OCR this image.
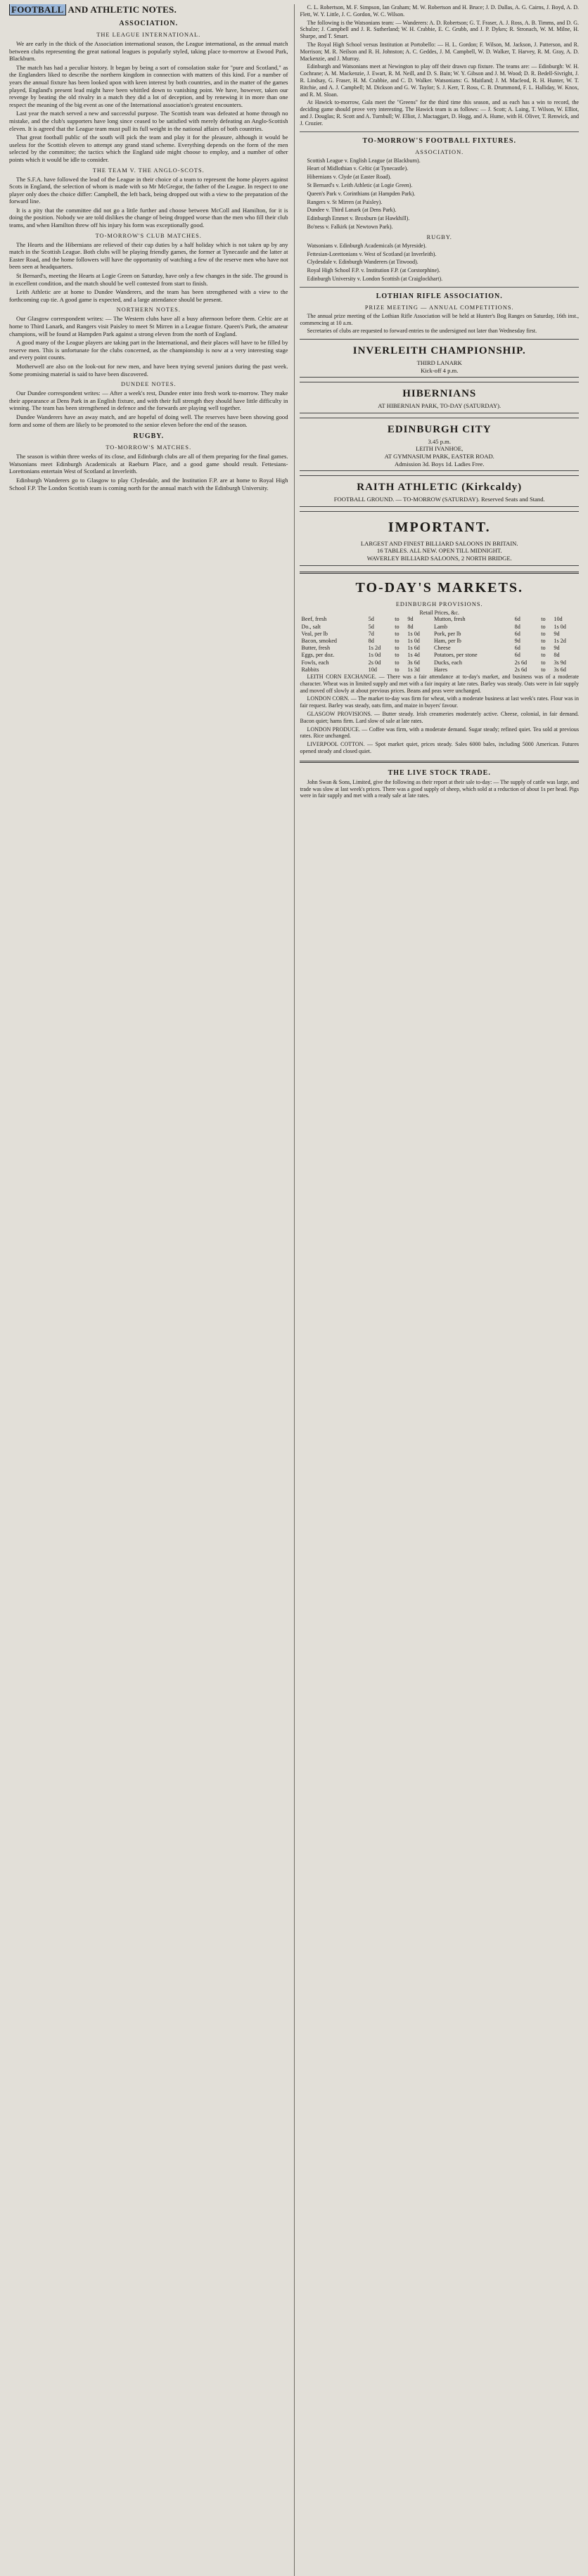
FOOTBALL AND ATHLETIC NOTES.
ASSOCIATION.
THE LEAGUE INTERNATIONAL.

We are early in the thick of the Association international season, the League international, as the annual match between clubs representing the great national leagues is popularly styled, taking place to-morrow at Ewood Park, Blackburn.

The match has had a peculiar history. It began by being a sort of consolation stake for "pure and Scotland," as the Englanders liked to describe the northern kingdom in connection with matters of this kind. For a number of years the annual fixture has been looked upon with keen interest by both countries, and in the matter of the games played, England's present lead might have been whittled down to vanishing point. We have, however, taken our revenge by beating the old rivalry in a match they did a lot of deception, and by renewing it in more than one respect the meaning of the big event as one of the International association's greatest encounters.

Last year the match served a new and successful purpose. The Scottish team was defeated at home through no mistake, and the club's supporters have long since ceased to be satisfied with merely defeating an Anglo-Scottish eleven. It is agreed that the League team must pull its full weight in the national affairs of both countries.

That great football public of the south will pick the team and play it for the pleasure, although it would be useless for the Scottish eleven to attempt any grand stand scheme. Everything depends on the form of the men selected by the committee; the tactics which the England side might choose to employ, and a number of other points which it would be idle to consider.

THE TEAM V. THE ANGLO-SCOTS.

The S.F.A. have followed the lead of the League in their choice of a team to represent the home players against Scots in England, the selection of whom is made with so Mr McGregor, the father of the League. In respect to one player only does the choice differ: Campbell, the left back, being dropped out with a view to the preparation of the forward line.

It is a pity that the committee did not go a little further and choose between McColl and Hamilton, for it is doing the position. Nobody we are told dislikes the change of being dropped worse than the men who fill their club teams, and when Hamilton threw off his injury his form was exceptionally good.

TO-MORROW'S CLUB MATCHES.

The Hearts and the Hibernians are relieved of their cup duties by a half holiday which is not taken up by any match in the Scottish League. Both clubs will be playing friendly games, the former at Tynecastle and the latter at Easter Road, and the home followers will have the opportunity of watching a few of the reserve men who have not been seen at headquarters.

St Bernard's, meeting the Hearts at Logie Green on Saturday, have only a few changes in the side. The ground is in excellent condition, and the match should be well contested from start to finish.

Leith Athletic are at home to Dundee Wanderers, and the team has been strengthened with a view to the forthcoming cup tie. A good game is expected, and a large attendance should be present.

NORTHERN NOTES.

Our Glasgow correspondent writes: — The Western clubs have all a busy afternoon before them. Celtic are at home to Third Lanark, and Rangers visit Paisley to meet St Mirren in a League fixture. Queen's Park, the amateur champions, will be found at Hampden Park against a strong eleven from the north of England.

A good many of the League players are taking part in the International, and their places will have to be filled by reserve men. This is unfortunate for the clubs concerned, as the championship is now at a very interesting stage and every point counts.

Motherwell are also on the look-out for new men, and have been trying several juniors during the past week. Some promising material is said to have been discovered.

DUNDEE NOTES.

Our Dundee correspondent writes: — After a week's rest, Dundee enter into fresh work to-morrow. They make their appearance at Dens Park in an English fixture, and with their full strength they should have little difficulty in winning. The team has been strengthened in defence and the forwards are playing well together.

Dundee Wanderers have an away match, and are hopeful of doing well. The reserves have been showing good form and some of them are likely to be promoted to the senior eleven before the end of the season.

RUGBY.
TO-MORROW'S MATCHES.

The season is within three weeks of its close, and Edinburgh clubs are all of them preparing for the final games. Watsonians meet Edinburgh Academicals at Raeburn Place, and a good game should result. Fettesians-Lorettonians entertain West of Scotland at Inverleith.

Edinburgh Wanderers go to Glasgow to play Clydesdale, and the Institution F.P. are at home to Royal High School F.P. The London Scottish team is coming north for the annual match with the Edinburgh University.

C. L. Robertson, M. F. Simpson, Ian Graham; M. W. Robertson and H. Bruce; J. D. Dallas, A. G. Cairns, J. Boyd, A. D. Flett, W. Y. Little, J. C. Gordon, W. C. Wilson.

The following is the Watsonians team: — Wanderers: A. D. Robertson; G. T. Fraser, A. J. Ross, A. B. Timms, and D. G. Schulze; J. Campbell and J. R. Sutherland; W. H. Crabbie, E. C. Grubb, and J. P. Dykes; R. Stronach, W. M. Milne, H. Sharpe, and T. Smart.

The Royal High School versus Institution at Portobello: — H. L. Gordon; F. Wilson, M. Jackson, J. Patterson, and R. Morrison; M. R. Neilson and R. H. Johnston; A. C. Geddes, J. M. Campbell, W. D. Walker, T. Harvey, R. M. Gray, A. D. Mackenzie, and J. Murray.

Edinburgh and Watsonians meet at Newington to play off their drawn cup fixture. The teams are: — Edinburgh: W. H. Cochrane; A. M. Mackenzie, J. Ewart, R. M. Neill, and D. S. Bain; W. Y. Gibson and J. M. Wood; D. R. Bedell-Sivright, J. R. Lindsay, G. Fraser, H. M. Crabbie, and C. D. Walker. Watsonians: G. Maitland; J. M. Macleod, R. H. Hunter, W. T. Ritchie, and A. J. Campbell; M. Dickson and G. W. Taylor; S. J. Kerr, T. Ross, C. B. Drummond, F. L. Halliday, W. Knox, and R. M. Sloan.

At Hawick to-morrow, Gala meet the "Greens" for the third time this season, and as each has a win to record, the deciding game should prove very interesting. The Hawick team is as follows: — J. Scott; A. Laing, T. Wilson, W. Elliot, and J. Douglas; R. Scott and A. Turnbull; W. Elliot, J. Mactaggart, D. Hogg, and A. Hume, with H. Oliver, T. Renwick, and J. Crozier.

TO-MORROW'S FOOTBALL FIXTURES.
ASSOCIATION.

Scottish League v. English League (at Blackburn).

Heart of Midlothian v. Celtic (at Tynecastle).

Hibernians v. Clyde (at Easter Road).

St Bernard's v. Leith Athletic (at Logie Green).

Queen's Park v. Corinthians (at Hampden Park).

Rangers v. St Mirren (at Paisley).

Dundee v. Third Lanark (at Dens Park).

Edinburgh Emmet v. Broxburn (at Hawkhill).

Bo'ness v. Falkirk (at Newtown Park).

RUGBY.

Watsonians v. Edinburgh Academicals (at Myreside).

Fettesian-Lorettonians v. West of Scotland (at Inverleith).

Clydesdale v. Edinburgh Wanderers (at Titwood).

Royal High School F.P. v. Institution F.P. (at Corstorphine).

Edinburgh University v. London Scottish (at Craiglockhart).

LOTHIAN RIFLE ASSOCIATION.
PRIZE MEETING — ANNUAL COMPETITIONS.

The annual prize meeting of the Lothian Rifle Association will be held at Hunter's Bog Ranges on Saturday, 16th inst., commencing at 10 a.m.

Secretaries of clubs are requested to forward entries to the undersigned not later than Wednesday first.

INVERLEITH CHAMPIONSHIP.
THIRD LANARK
Kick-off 4 p.m.
HIBERNIANS
AT HIBERNIAN PARK, TO-DAY (SATURDAY).
EDINBURGH CITY
3.45 p.m.
LEITH IVANHOE,
AT GYMNASIUM PARK, EASTER ROAD.
Admission 3d. Boys 1d. Ladies Free.
RAITH ATHLETIC (Kirkcaldy)
FOOTBALL GROUND. — TO-MORROW (SATURDAY). Reserved Seats and Stand.
IMPORTANT.
LARGEST AND FINEST BILLIARD SALOONS IN BRITAIN.
16 TABLES. ALL NEW. OPEN TILL MIDNIGHT.
WAVERLEY BILLIARD SALOONS, 2 NORTH BRIDGE.
TO-DAY'S MARKETS.
EDINBURGH PROVISIONS.
Retail Prices, &c.
Beef, fresh	5d	to	9d	Mutton, fresh	6d	to	10d
Do., salt	5d	to	8d	Lamb	8d	to	1s 0d
Veal, per lb	7d	to	1s 0d	Pork, per lb	6d	to	9d
Bacon, smoked	8d	to	1s 0d	Ham, per lb	9d	to	1s 2d
Butter, fresh	1s 2d	to	1s 6d	Cheese	6d	to	9d
Eggs, per doz.	1s 0d	to	1s 4d	Potatoes, per stone	6d	to	8d
Fowls, each	2s 0d	to	3s 6d	Ducks, each	2s 6d	to	3s 9d
Rabbits	10d	to	1s 3d	Hares	2s 6d	to	3s 6d

LEITH CORN EXCHANGE. — There was a fair attendance at to-day's market, and business was of a moderate character. Wheat was in limited supply and met with a fair inquiry at late rates. Barley was steady. Oats were in fair supply and moved off slowly at about previous prices. Beans and peas were unchanged.

LONDON CORN. — The market to-day was firm for wheat, with a moderate business at last week's rates. Flour was in fair request. Barley was steady, oats firm, and maize in buyers' favour.

GLASGOW PROVISIONS. — Butter steady. Irish creameries moderately active. Cheese, colonial, in fair demand. Bacon quiet; hams firm. Lard slow of sale at late rates.

LONDON PRODUCE. — Coffee was firm, with a moderate demand. Sugar steady; refined quiet. Tea sold at previous rates. Rice unchanged.

LIVERPOOL COTTON. — Spot market quiet, prices steady. Sales 6000 bales, including 5000 American. Futures opened steady and closed quiet.

THE LIVE STOCK TRADE.

John Swan & Sons, Limited, give the following as their report at their sale to-day: — The supply of cattle was large, and trade was slow at last week's prices. There was a good supply of sheep, which sold at a reduction of about 1s per head. Pigs were in fair supply and met with a ready sale at late rates.
